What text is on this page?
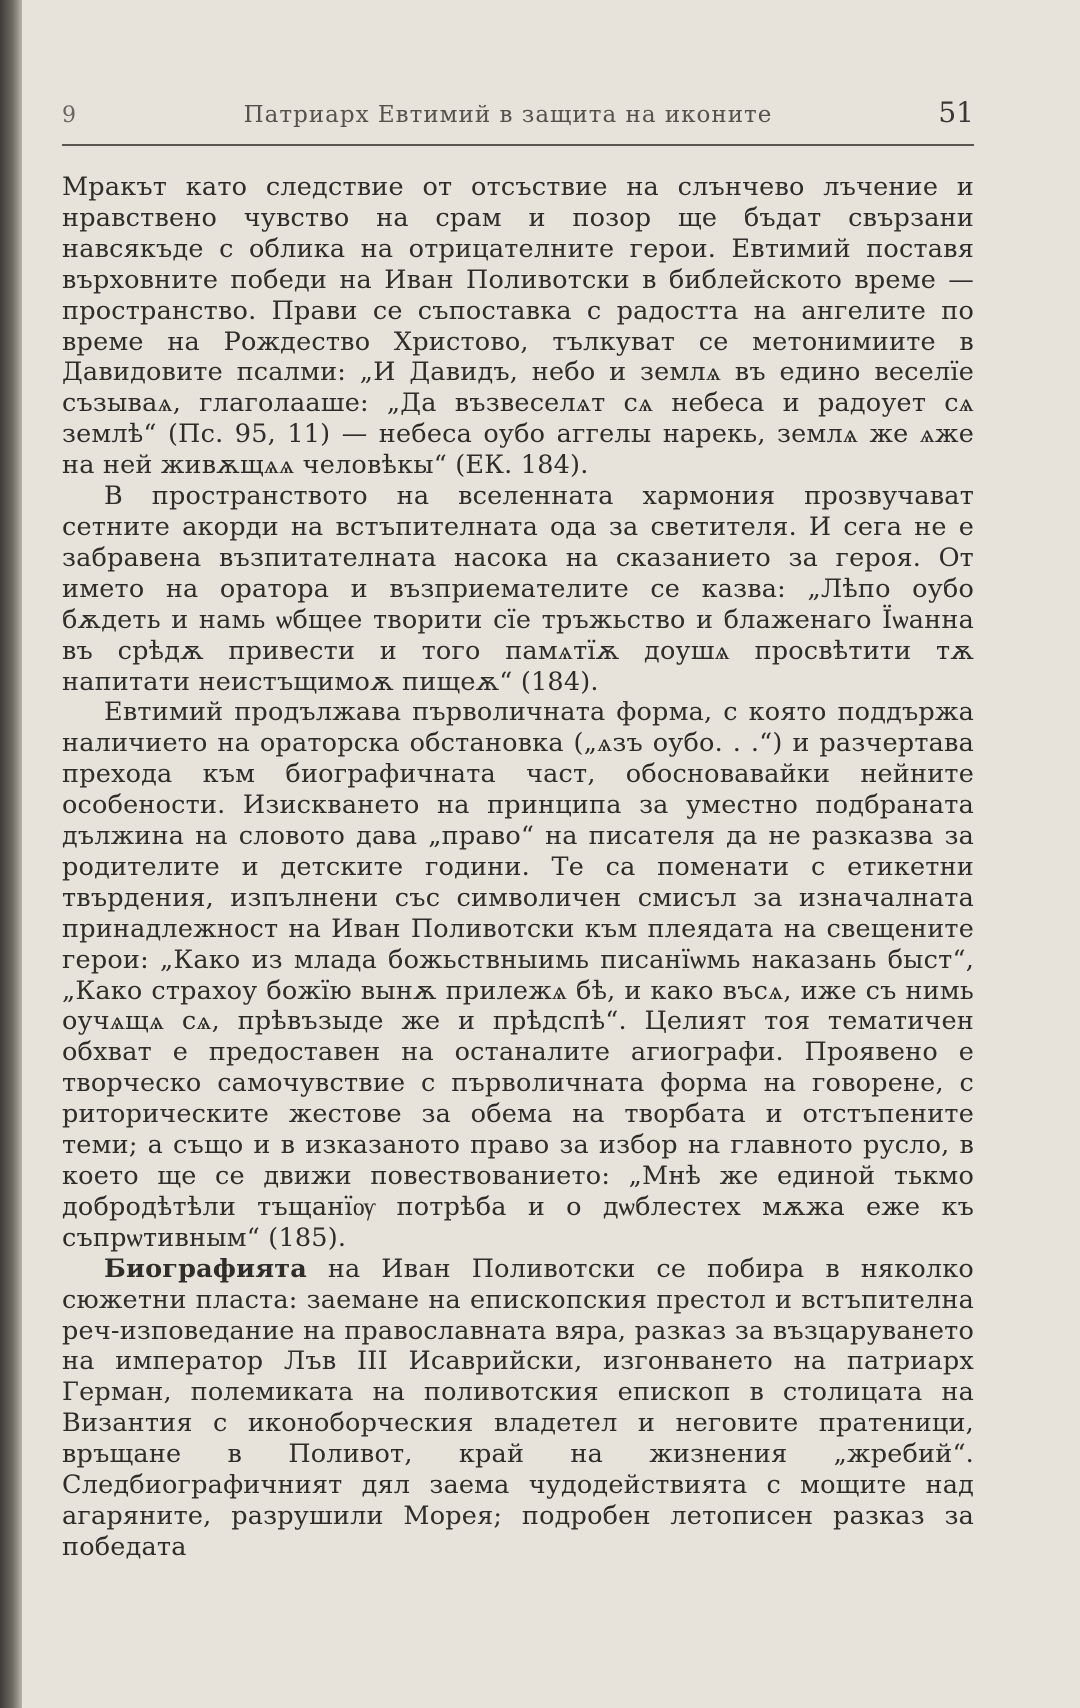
9	Патриарх Евтимий в защита на иконите	51

Мракът като следствие от отсъствие на слънчево лъчение и нравствено чувство на срам и позор ще бъдат свързани навсякъде с облика на отрицателните герои. Евтимий поставя върховните победи на Иван Поливотски в библейското време — пространство. Прави се съпоставка с радостта на ангелите по време на Рождество Христово, тълкуват се метонимиите в Давидовите псалми: „И Давидъ, небо и землѧ въ едино веселїе съзываѧ, глаголааше: „Да възвеселѧт сѧ небеса и радоует сѧ землѣ“ (Пс. 95, 11) — небеса оубо аггелы нарекь, землѧ же ѧже на ней живѫщѧѧ человѣкы“ (ЕК. 184).

В пространството на вселенната хармония прозвучават сетните акорди на встъпителната ода за светителя. И сега не е забравена възпитателната насока на сказанието за героя. От името на оратора и възприемателите се казва: „Лѣпо оубо бѫдеть и намь ѡбщее творити сїе тръжьство и блаженаго Їѡанна въ срѣдѫ привести и того памѧтїѫ доушѧ просвѣтити тѫ напитати неистъщимоѫ пищеѫ“ (184).

Евтимий продължава първоличната форма, с която поддържа наличието на ораторска обстановка („ѧзъ оубо. . .“) и разчертава прехода към биографичната част, обосновавайки нейните особености. Изискването на принципа за уместно подбраната дължина на словото дава „право“ на писателя да не разказва за родителите и детските години. Те са поменати с етикетни твърдения, изпълнени със символичен смисъл за изначалната принадлежност на Иван Поливотски към плеядата на свещените герои: „Како из млада божьствныимь писанїѡмь наказань быст“, „Како страхоу божїю вынѫ прилежѧ бѣ, и како въсѧ, иже съ нимь оучѧщѧ сѧ, прѣвъзыде же и прѣдспѣ“. Целият тоя тематичен обхват е предоставен на останалите агиографи. Проявено е творческо самочувствие с първоличната форма на говорене, с риторическите жестове за обема на творбата и отстъпените теми; а също и в изказаното право за избор на главното русло, в което ще се движи повествованието: „Мнѣ же единой тькмо добродѣтѣли тъщанїѹ потрѣба и о дѡблестех мѫжа еже къ съпрѡтивным“ (185).

Биографията на Иван Поливотски се побира в няколко сюжетни пласта: заемане на епископския престол и встъпителна реч-изповедание на православната вяра, разказ за възцаруването на император Лъв III Исаврийски, изгонването на патриарх Герман, полемиката на поливотския епископ в столицата на Византия с иконоборческия владетел и неговите пратеници, връщане в Поливот, край на жизнения „жребий“. Следбиографичният дял заема чудодействията с мощите над агаряните, разрушили Морея; подробен летописен разказ за победата
